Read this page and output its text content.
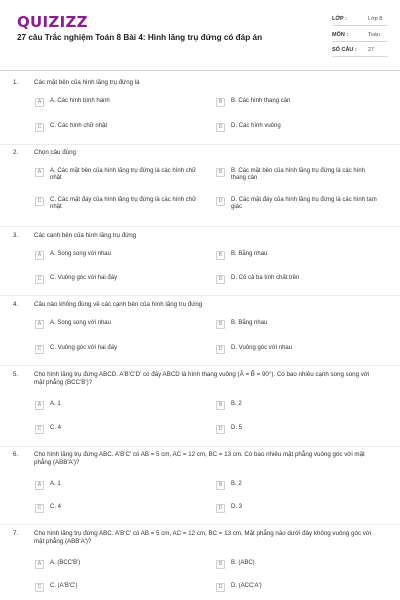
QUIZIZZ
27 câu Trắc nghiệm Toán 8 Bài 4: Hình lăng trụ đứng có đáp án
LỚP :	Lớp 8
MÔN :	Toán
SỐ CÂU : 27
1.	Các mặt bên của hình lăng trụ đứng là
A	A. Các hình bình hành	B	B. Các hình thang cân
C	C. Các hình chữ nhật	D	D. Các hình vuông
2.	Chọn câu đúng
A	A. Các mặt bên của hình lăng trụ đứng là các hình chữ nhật
B	B. Các mặt bên của hình lăng trụ đứng là các hình thang cân
C	C. Các mặt đáy của hình lăng trụ đứng là các hình chữ nhật
D	D. Các mặt đáy của hình lăng trụ đứng là các hình tam giác
3.	Các cạnh bên của hình lăng trụ đứng
A	A. Song song với nhau	B	B. Bằng nhau
C	C. Vuông góc với hai đáy	D	D. Có cả ba tính chất trên
4.	Câu nào không đúng về các cạnh bên của hình lăng trụ đứng
A	A. Song song với nhau	B	B. Bằng nhau
C	C. Vuông góc với hai đáy	D	D. Vuông góc với nhau
5.	Cho hình lăng trụ đứng ABCD. A'B'C'D' có đáy ABCD là hình thang vuông (Â = B̂ = 90°). Có bao nhiêu cạnh song song với mặt phẳng (BCC'B')?
A	A. 1	B	B. 2
C	C. 4	D	D. 5
6.	Cho hình lăng trụ đứng ABC. A'B'C' có AB = 5 cm, AC = 12 cm, BC = 13 cm. Có bao nhiêu mặt phẳng vuông góc với mặt phẳng (ABB'A')?
A	A. 1	B	B. 2
C	C. 4	D	D. 3
7.	Cho hình lăng trụ đứng ABC. A'B'C' có AB = 5 cm, AC = 12 cm, BC = 13 cm. Mặt phẳng nào dưới đây không vuông góc với mặt phẳng (ABB'A')?
A	A. (BCC'B')	B	B. (ABC)
C	C. (A'B'C')	D	D. (ACC'A')
